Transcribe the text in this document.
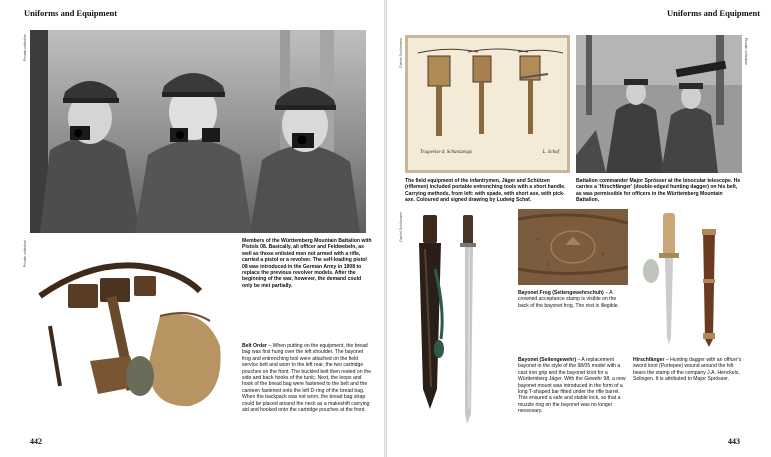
Uniforms and Equipment
Private collection
Private collection	Members of the Württemberg Mountain Battalion with Pistols 08. Basically, all officer and Feldwebeln, as well as those enlisted men not armed with a rifle, carried a pistol or a revolver. The self-loading pistol 08 was introduced in the German Army in 1908 to replace the previous revolver models. After the beginning of the war, however, the demand could only be met partially.

Belt Order – When putting on the equipment, the bread bag was first hung over the left shoulder. The bayonet frog and entrenching tool were attached on the field service belt and worn to the left rear, the two cartridge pouches on the front. The buckled belt then rested on the side and back hooks of the tunic. Next, the loops and hook of the bread bag were fastened to the belt and the canteen fastened onto the left D-ring of the bread bag. When the backpack was not worn, the bread bag strap could be placed around the neck as a makeshift carrying aid and hooked onto the cartridge pouches at the front.

442
Uniforms and Equipment
Tragweise d. Schanzzeugs	L. Schaf
Daniel Schürmann

The field equipment of the infantrymen, Jäger and Schützen (riflemen) included portable entrenching tools with a short handle. Carrying methods, from left: with spade, with short axe, with pick-axe. Coloured and signed drawing by Ludwig Schaf.

Private collection

Battalion commander Major Sprösser at the binocular telescope. He carries a 'Hirschfänger' (double-edged hunting dagger) on his belt, as was permissible for officers in the Württemberg Mountain Battalion.

Daniel Schürmann

Bayonet Frog (Seitengewehrschuh) – A crowned acceptance stamp is visible on the back of the bayonet frog. The rest is illegible.

Bayonet (Seitengewehr) – A replacement bayonet in the style of the 98/05 model with a cast iron grip and the bayonet knot for a Württemberg Jäger. With the Gewehr 98, a new bayonet mount was introduced in the form of a long T-shaped bar fitted under the rifle barrel. This ensured a safe and stable lock, so that a muzzle ring on the bayonet was no longer necessary.

Hirschfänger – Hunting dagger with an officer's sword knot (Portepee) wound around the hilt bears the stamp of the company J.A. Henckels, Solingen. It is attributed to Major Sprösser.

443
